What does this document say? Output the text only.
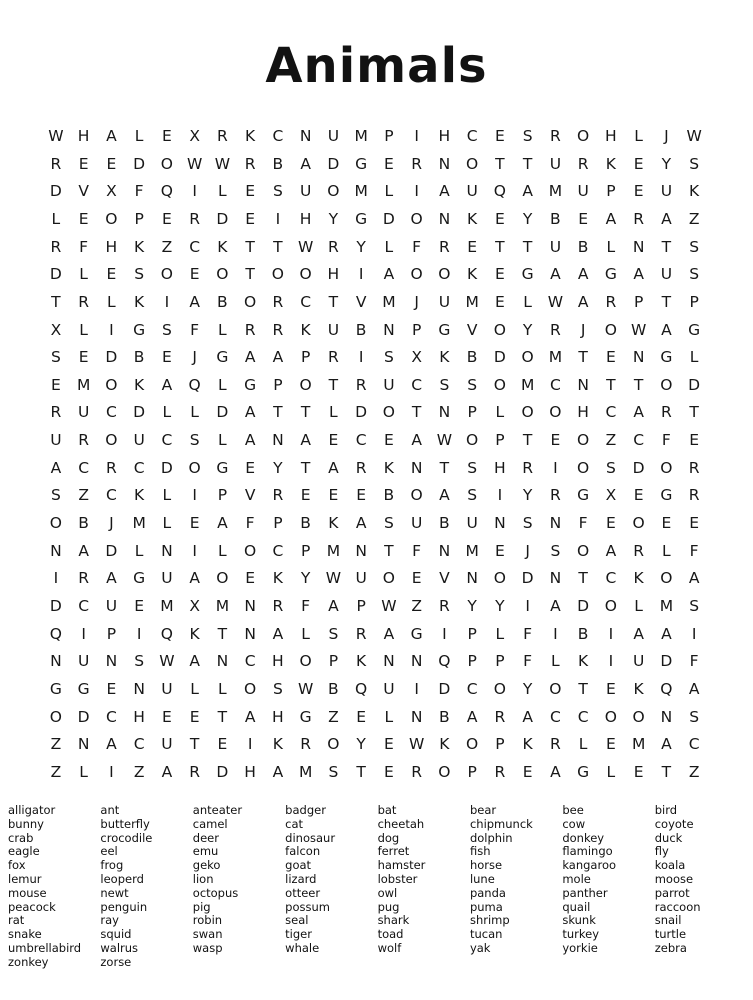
Animals
W H	A	L	E	X	R	K	C	N	U M	P	I	H	C	E	S	R	O	H	L	J	W
R	E	E	D	O W W R	B	A	D	G	E	R	N	O	T	T	U	R	K	E	Y	S
D	V	X	F	Q	I	L	E	S	U	O M	L	I	A	U	Q	A	M U	P	E	U	K
L	E	O	P	E	R	D	E	I	H	Y	G	D	O	N	K	E	Y	B	E	A	R	A	Z
R	F	H	K	Z	C	K	T	T W R	Y	L	F	R	E	T	T	U	B	L	N	T	S
D	L	E	S	O	E	O	T	O	O	H	I	A	O	O	K	E	G	A	A	G	A	U	S
T	R	L	K	I	A	B	O	R	C	T	V	M	J	U M	E	L	W A	R	P	T	P
X	L	I	G	S	F	L	R	R	K	U	B	N	P	G	V	O	Y	R	J	O W A	G
S	E	D	B	E	J	G	A	A	P	R	I	S	X	K	B	D	O M	T	E	N	G	L
E	M O	K	A	Q	L	G	P	O	T	R	U	C	S	S	O M	C	N	T	T	O	D
R	U	C	D	L	L	D	A	T	T	L	D	O	T	N	P	L	O	O	H	C	A	R	T
U	R	O	U	C	S	L	A	N	A	E	C	E	A W O	P	T	E	O	Z	C	F	E
A	C	R	C	D	O	G	E	Y	T	A	R	K	N	T	S	H	R	I	O	S	D	O	R
S	Z	C	K	L	I	P	V	R	E	E	E	B	O	A	S	I	Y	R	G	X	E	G	R
O	B	J	M	L	E	A	F	P	B	K	A	S	U	B	U	N	S	N	F	E	O	E	E
N	A	D	L	N	I	L	O	C	P	M N	T	F	N M	E	J	S	O	A	R	L	F
I	R	A	G	U	A	O	E	K	Y W U	O	E	V	N	O	D	N	T	C	K	O	A
D	C	U	E	M	X	M N	R	F	A	P W Z	R	Y	Y	I	A	D	O	L	M	S
Q	I	P	I	Q	K	T	N	A	L	S	R	A	G	I	P	L	F	I	B	I	A	A	I
N	U	N	S W A	N	C	H	O	P	K	N	N	Q	P	P	F	L	K	I	U	D	F
G	G	E	N	U	L	L	O	S W B	Q	U	I	D	C	O	Y	O	T	E	K	Q	A
O	D	C	H	E	E	T	A	H	G	Z	E	L	N	B	A	R	A	C	C	O	O	N	S
Z	N	A	C	U	T	E	I	K	R	O	Y	E W K	O	P	K	R	L	E	M	A	C
Z	L	I	Z	A	R	D	H	A	M	S	T	E	R	O	P	R	E	A	G	L	E	T	Z
alligator
bunny
crab
eagle
fox
lemur
mouse
peacock
rat
snake
umbrellabird
zonkey
ant
butterfly
crocodile
eel
frog
leoperd
newt
penguin
ray
squid
walrus
zorse
anteater
camel
deer
emu
geko
lion
octopus
pig
robin
swan
wasp
badger
cat
dinosaur
falcon
goat
lizard
otteer
possum
seal
tiger
whale
bat
cheetah
dog
ferret
hamster
lobster
owl
pug
shark
toad
wolf
bear
chipmunck
dolphin
fish
horse
lune
panda
puma
shrimp
tucan
yak
bee
cow
donkey
flamingo
kangaroo
mole
panther
quail
skunk
turkey
yorkie
bird
coyote
duck
fly
koala
moose
parrot
raccoon
snail
turtle
zebra
